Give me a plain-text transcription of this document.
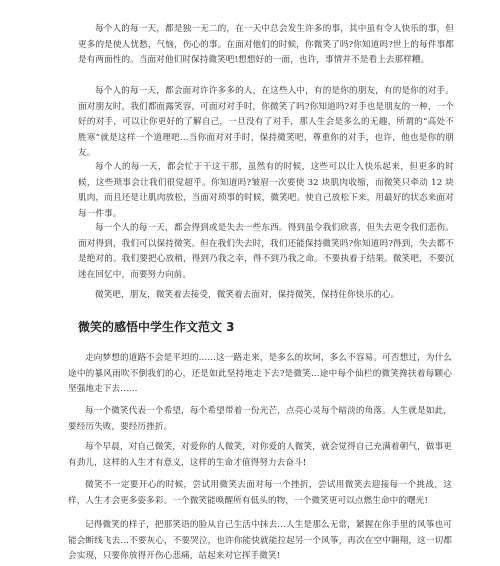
每个人的每一天，都是独一无二的，在一天中总会发生许多的事，其中虽有令人快乐的事，但更多的是使人忧愁，气恼，伤心的事。在面对他们的时候，你微笑了吗?你知道吗?世上的每件事都是有两面性的。当面对他们时保持微笑吧!想想好的一面，也许，事情并不是看上去那样糟。

每个人的每一天，都会面对许许多多的人，在这些人中，有的是你的朋友，有的是你的对手。面对朋友时，我们都面露笑容，可面对对手时，你微笑了吗?你知道吗?对手也是朋友的一种，一个好的对手，可以让你更好的了解自己，一旦没有了对手，那人生会是多么的无趣，所谓的“高处不胜寒”就是这样一个道理吧…当你面对对手时，保持微笑吧，尊重你的对手，也许，他也是你的朋友。

每个人的每一天，都会忙于干这干那，虽然有的时候，这些可以让人快乐起来，但更多的时候，这些琐事会让我们很觉超乎。你知道吗?皱眉一次要使 32 块肌肉收缩，而微笑只牵动 12 块肌肉，而且还是让肌肉放松，当面对琐事的时候，微笑吧。使自己放松下来，用最好的状态来面对每一件事。

每一个人的每一天，都会得到或是失去一些东西。得到虽令我们欣喜，但失去更令我们悲伤。面对得到，我们可以保持微笑。但在我们失去时，我们还能保持微笑吗?你知道吗?得到，失去都不是绝对的。我们要把心放稍，得到乃我之幸，得不到乃我之命。不要执着于结果。微笑吧，不要沉迷在回忆中，而要努力向前。

微笑吧，朋友，微笑着去接受，微笑着去面对，保持微笑，保持住你快乐的心。

微笑的感悟中学生作文范文 3

走向梦想的道路不会是平坦的……这一路走来，是多么的坎坷，多么不容易。可否想过，为什么途中的暴风雨吹不倒我们的心，还是如此坚持地走下去?是微笑…途中每个仙栏的微笑搀扶着每颗心坚强地走下去……

每一个微笑代表一个希望，每个希望带着一份光芒，点亮心灵每个暗淡的角落。人生就是如此，要经历失败，要经历挫折。

每个早晨，对自己微笑，对爱你的人微笑，对你爱的人微笑，就会觉得自己充满着朝气，做事更有劲儿，这样的人生才有意义，这样的生命才值得努力去奋斗!

微笑不一定要开心的时候，尝试用微笑去面对每一个挫折，尝试用微笑去迎接每一个挑战，这样，人生才会更多姿多彩。一个微笑能唤醒所有低头的物，一个微笑更可以点燃生命中的曙光!

记得微笑的样子，把那笑语的脸从自己生活中抹去…人生是那么无常，紧握在你手里的风筝也可能会断线飞去…不要灰心，不要哭泣，也许你能快就能拉起另一个风筝，再次在空中翱翔，这一切都会实现，只要你放得开伤心悲痛，站起来对它挥手微笑!
